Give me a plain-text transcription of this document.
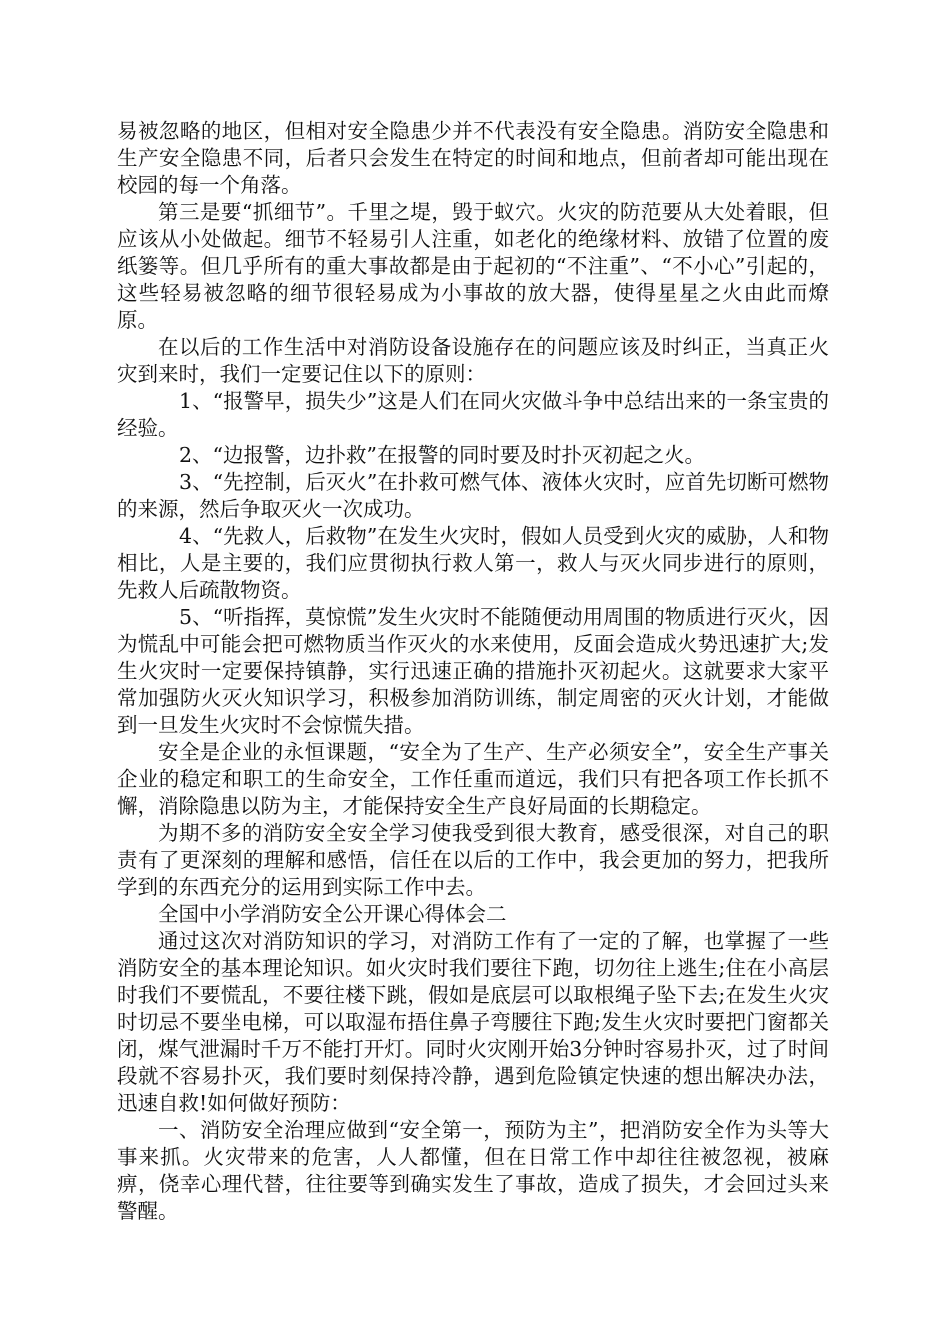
易被忽略的地区，但相对安全隐患少并不代表没有安全隐患。消防安全隐患和生产安全隐患不同，后者只会发生在特定的时间和地点，但前者却可能出现在校园的每一个角落。

第三是要“抓细节”。千里之堤，毁于蚁穴。火灾的防范要从大处着眼，但应该从小处做起。细节不轻易引人注重，如老化的绝缘材料、放错了位置的废纸篓等。但几乎所有的重大事故都是由于起初的“不注重”、“不小心”引起的，这些轻易被忽略的细节很轻易成为小事故的放大器，使得星星之火由此而燎原。

在以后的工作生活中对消防设备设施存在的问题应该及时纠正，当真正火灾到来时，我们一定要记住以下的原则：

1、“报警早，损失少”这是人们在同火灾做斗争中总结出来的一条宝贵的经验。

2、“边报警，边扑救”在报警的同时要及时扑灭初起之火。

3、“先控制，后灭火”在扑救可燃气体、液体火灾时，应首先切断可燃物的来源，然后争取灭火一次成功。

4、“先救人，后救物”在发生火灾时，假如人员受到火灾的威胁，人和物相比，人是主要的，我们应贯彻执行救人第一，救人与灭火同步进行的原则，先救人后疏散物资。

5、“听指挥，莫惊慌”发生火灾时不能随便动用周围的物质进行灭火，因为慌乱中可能会把可燃物质当作灭火的水来使用，反面会造成火势迅速扩大;发生火灾时一定要保持镇静，实行迅速正确的措施扑灭初起火。这就要求大家平常加强防火灭火知识学习，积极参加消防训练，制定周密的灭火计划，才能做到一旦发生火灾时不会惊慌失措。

安全是企业的永恒课题，“安全为了生产、生产必须安全”，安全生产事关企业的稳定和职工的生命安全，工作任重而道远，我们只有把各项工作长抓不懈，消除隐患以防为主，才能保持安全生产良好局面的长期稳定。

为期不多的消防安全安全学习使我受到很大教育，感受很深，对自己的职责有了更深刻的理解和感悟，信任在以后的工作中，我会更加的努力，把我所学到的东西充分的运用到实际工作中去。

全国中小学消防安全公开课心得体会二

通过这次对消防知识的学习，对消防工作有了一定的了解，也掌握了一些消防安全的基本理论知识。如火灾时我们要往下跑，切勿往上逃生;住在小高层时我们不要慌乱，不要往楼下跳，假如是底层可以取根绳子坠下去;在发生火灾时切忌不要坐电梯，可以取湿布捂住鼻子弯腰往下跑;发生火灾时要把门窗都关闭，煤气泄漏时千万不能打开灯。同时火灾刚开始3分钟时容易扑灭，过了时间段就不容易扑灭，我们要时刻保持冷静，遇到危险镇定快速的想出解决办法，迅速自救!如何做好预防：

一、消防安全治理应做到“安全第一，预防为主”，把消防安全作为头等大事来抓。火灾带来的危害，人人都懂，但在日常工作中却往往被忽视，被麻痹，侥幸心理代替，往往要等到确实发生了事故，造成了损失，才会回过头来警醒。
